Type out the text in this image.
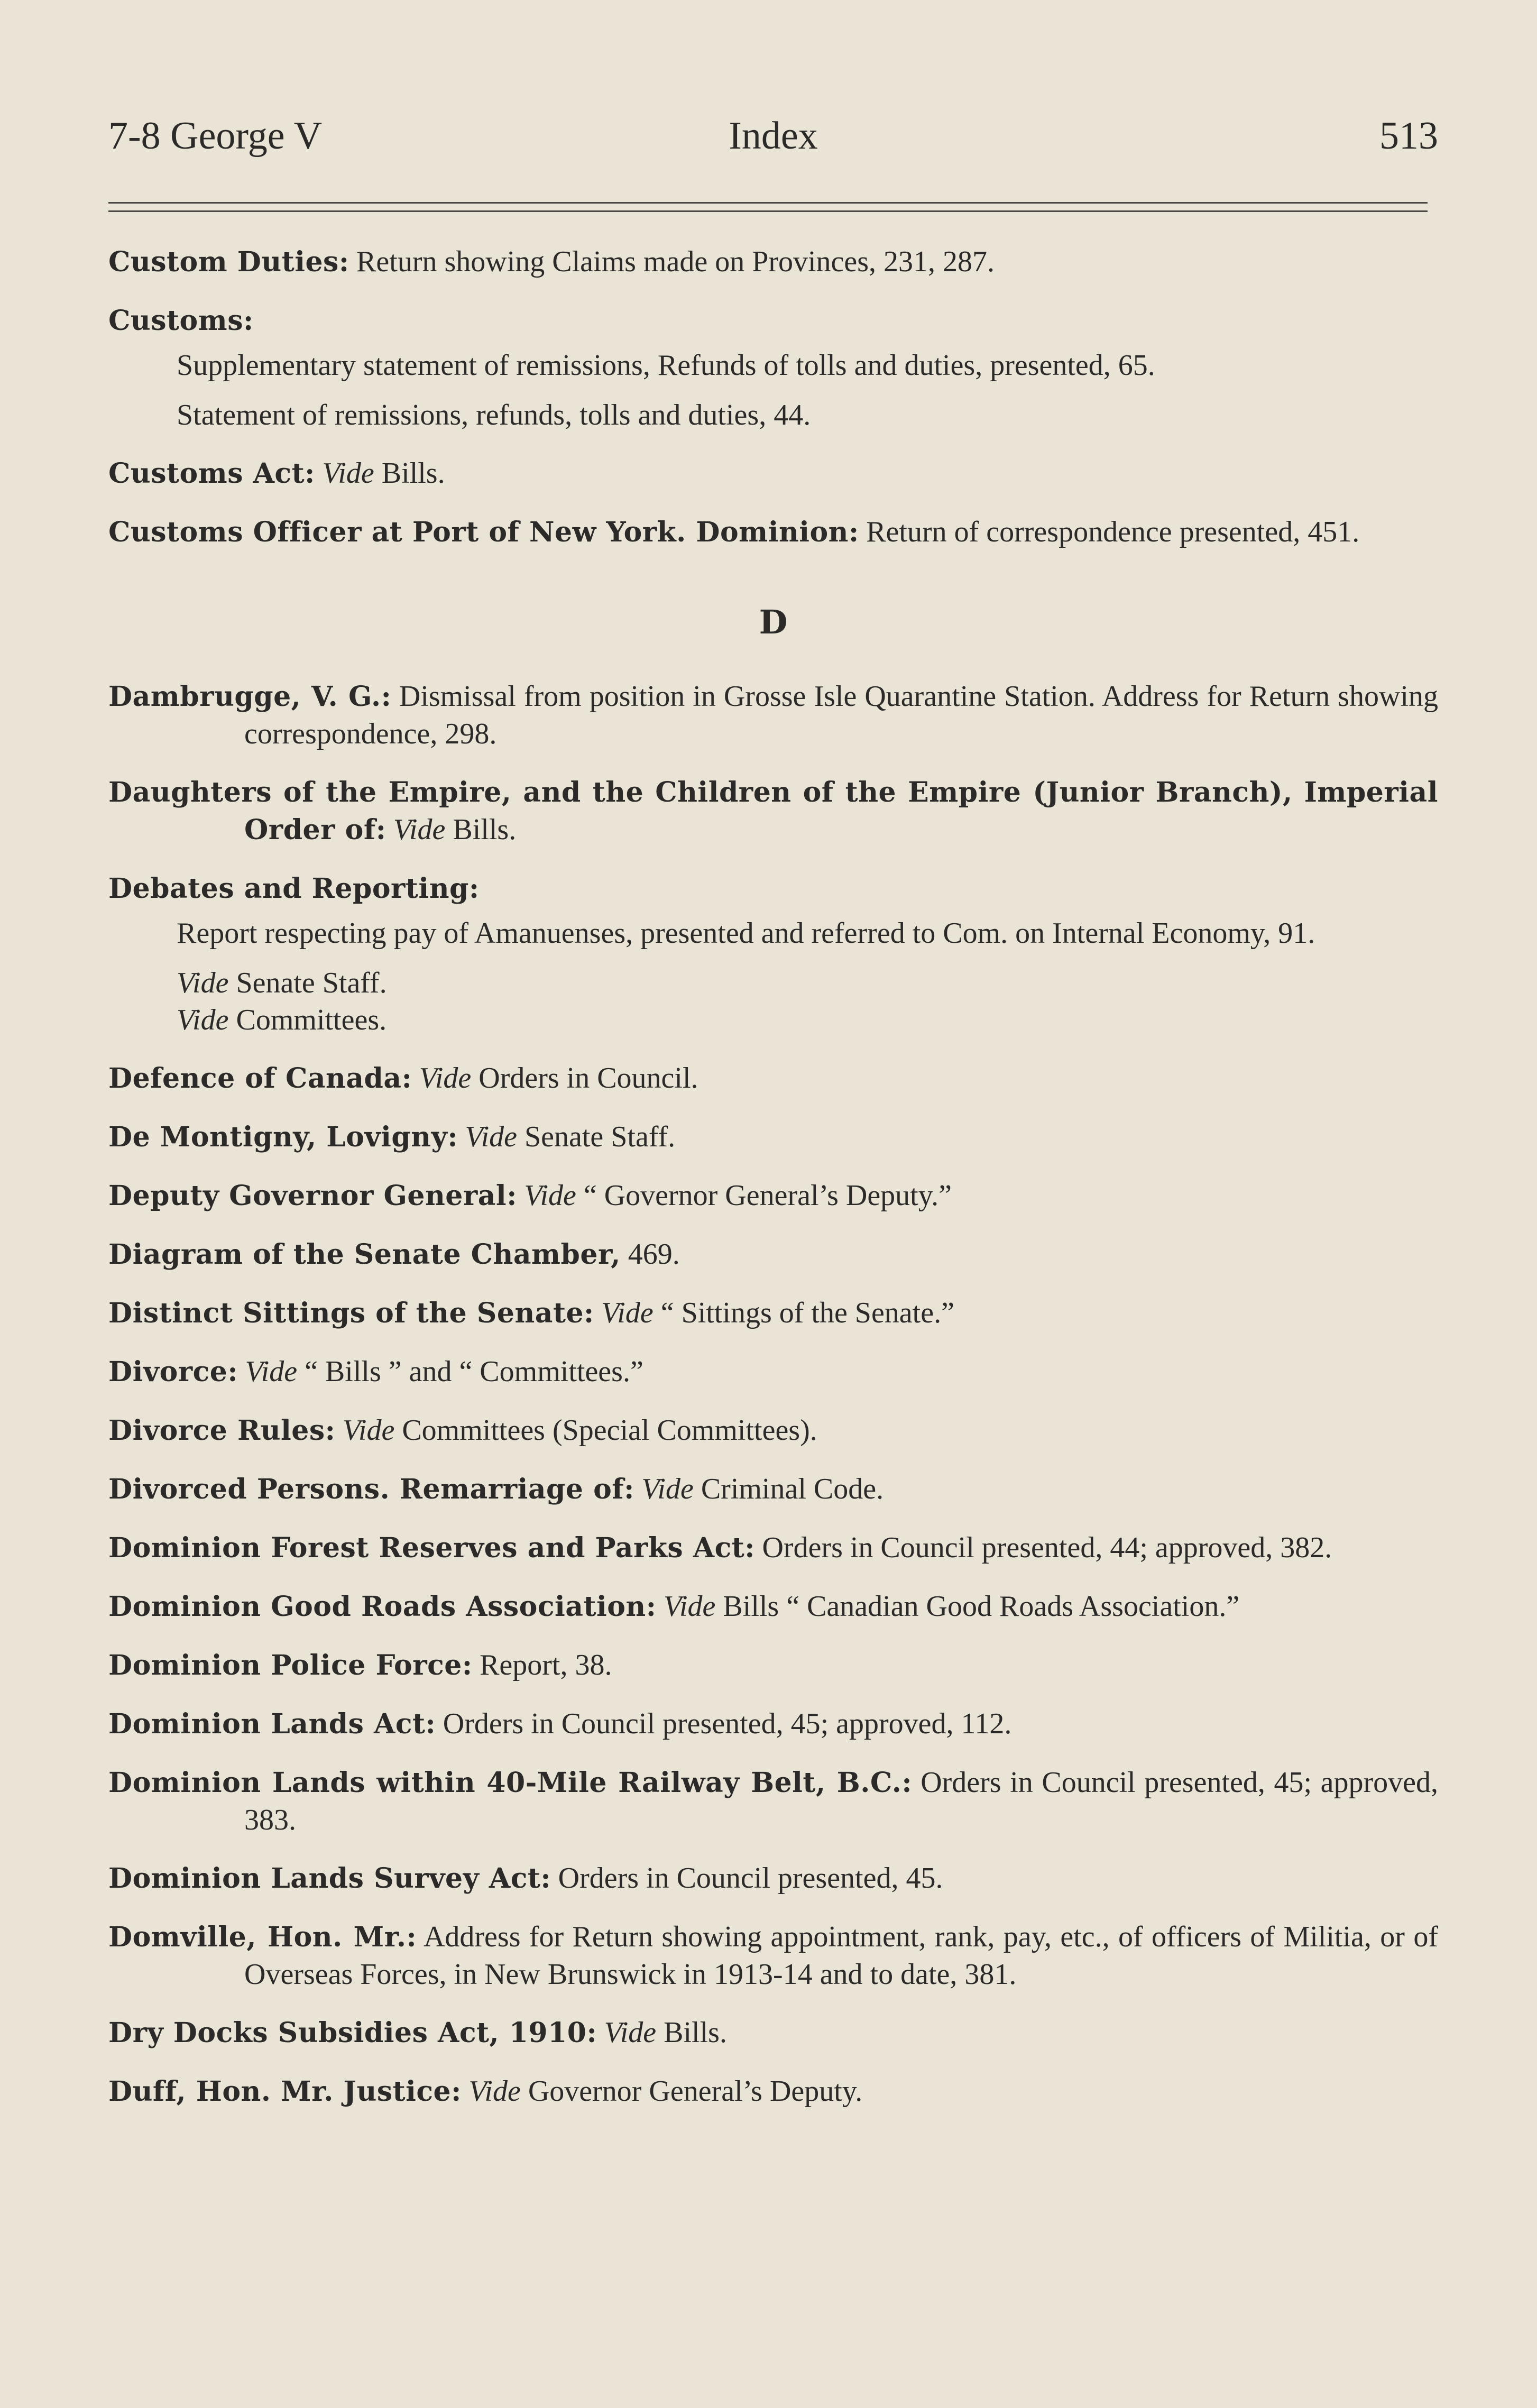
7-8 George V	Index	513

Custom Duties: Return showing Claims made on Provinces, 231, 287.

Customs:

Supplementary statement of remissions, Refunds of tolls and duties, presented, 65.

Statement of remissions, refunds, tolls and duties, 44.

Customs Act: Vide Bills.

Customs Officer at Port of New York. Dominion: Return of correspondence presented, 451.

D

Dambrugge, V. G.: Dismissal from position in Grosse Isle Quarantine Station. Address for Return showing correspondence, 298.

Daughters of the Empire, and the Children of the Empire (Junior Branch), Imperial Order of: Vide Bills.

Debates and Reporting:

Report respecting pay of Amanuenses, presented and referred to Com. on Internal Economy, 91.

Vide Senate Staff.

Vide Committees.

Defence of Canada: Vide Orders in Council.

De Montigny, Lovigny: Vide Senate Staff.

Deputy Governor General: Vide “ Governor General’s Deputy.”

Diagram of the Senate Chamber, 469.

Distinct Sittings of the Senate: Vide “ Sittings of the Senate.”

Divorce: Vide “ Bills ” and “ Committees.”

Divorce Rules: Vide Committees (Special Committees).

Divorced Persons. Remarriage of: Vide Criminal Code.

Dominion Forest Reserves and Parks Act: Orders in Council presented, 44; approved, 382.

Dominion Good Roads Association: Vide Bills “ Canadian Good Roads Association.”

Dominion Police Force: Report, 38.

Dominion Lands Act: Orders in Council presented, 45; approved, 112.

Dominion Lands within 40-Mile Railway Belt, B.C.: Orders in Council presented, 45; approved, 383.

Dominion Lands Survey Act: Orders in Council presented, 45.

Domville, Hon. Mr.: Address for Return showing appointment, rank, pay, etc., of officers of Militia, or of Overseas Forces, in New Brunswick in 1913-14 and to date, 381.

Dry Docks Subsidies Act, 1910: Vide Bills.

Duff, Hon. Mr. Justice: Vide Governor General’s Deputy.
